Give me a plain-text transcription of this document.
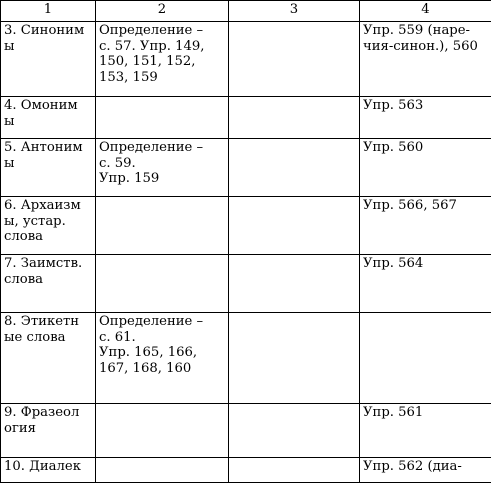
1	2	3	4
3. Синоним
ы	Определение –
с. 57. Упр. 149,
150, 151, 152,
153, 159		Упр. 559 (наре-
чия-синон.), 560
4. Омоним
ы			Упр. 563
5. Антоним
ы	Определение –
с. 59.
Упр. 159		Упр. 560
6. Архаизм
ы, устар.
слова			Упр. 566, 567
7. Заимств.
слова			Упр. 564
8. Этикетн
ые слова	Определение –
с. 61.
Упр. 165, 166,
167, 168, 160		
9. Фразеол
огия			Упр. 561
10. Диалек			Упр. 562 (диа-
